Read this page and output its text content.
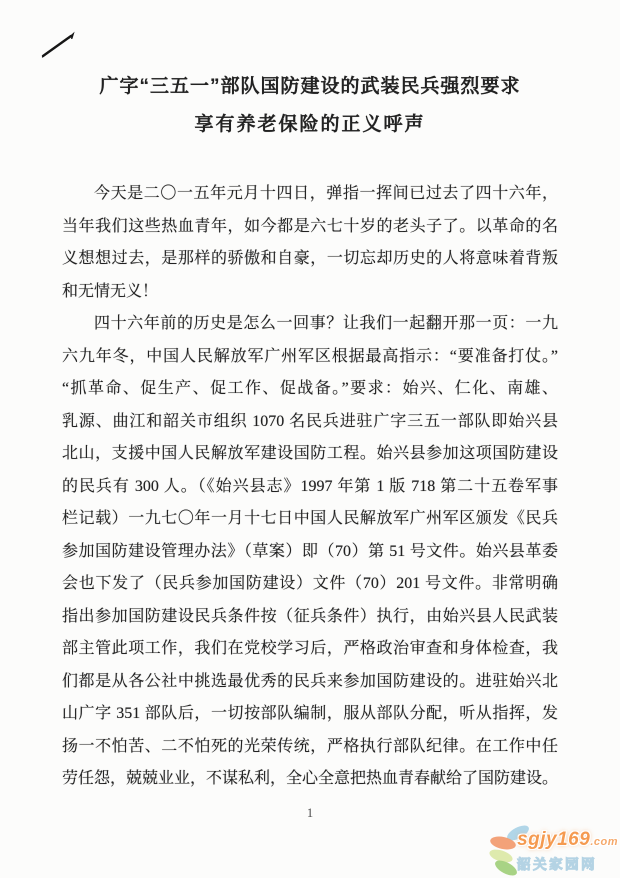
广字“三五一”部队国防建设的武装民兵强烈要求
享有养老保险的正义呼声
今天是二〇一五年元月十四日，弹指一挥间已过去了四十六年，
当年我们这些热血青年，如今都是六七十岁的老头子了。以革命的名
义想想过去，是那样的骄傲和自豪，一切忘却历史的人将意味着背叛
和无情无义！
四十六年前的历史是怎么一回事？让我们一起翻开那一页：一九
六九年冬，中国人民解放军广州军区根据最高指示：“要准备打仗。”
“抓革命、促生产、促工作、促战备。”要求：始兴、仁化、南雄、
乳源、曲江和韶关市组织 1070 名民兵进驻广字三五一部队即始兴县
北山，支援中国人民解放军建设国防工程。始兴县参加这项国防建设
的民兵有 300 人。（《始兴县志》1997 年第 1 版 718 第二十五卷军事
栏记载）一九七〇年一月十七日中国人民解放军广州军区颁发《民兵
参加国防建设管理办法》（草案）即（70）第 51 号文件。始兴县革委
会也下发了（民兵参加国防建设）文件（70）201 号文件。非常明确
指出参加国防建设民兵条件按（征兵条件）执行，由始兴县人民武装
部主管此项工作，我们在党校学习后，严格政治审查和身体检查，我
们都是从各公社中挑选最优秀的民兵来参加国防建设的。进驻始兴北
山广字 351 部队后，一切按部队编制，服从部队分配，听从指挥，发
扬一不怕苦、二不怕死的光荣传统，严格执行部队纪律。在工作中任
劳任怨，兢兢业业，不谋私利，全心全意把热血青春献给了国防建设。
1
sgjy169.com
韶关家园网
